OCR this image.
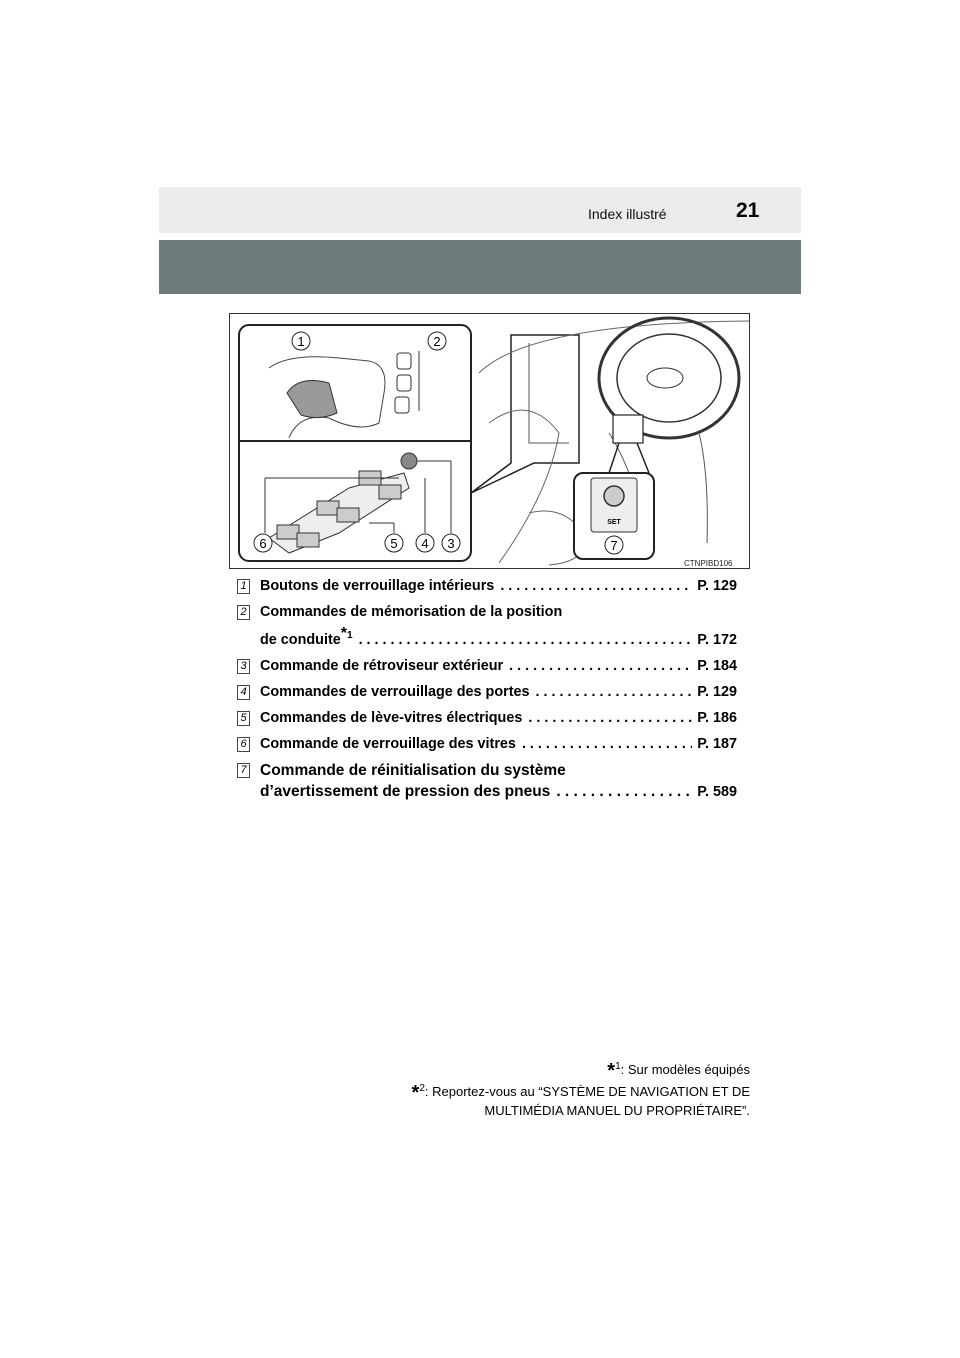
Index illustré	21
1	2
3
4
5
6
SET
7
CTNPIBD106
1 Boutons de verrouillage intérieurs . . .	P. 129
2 Commandes de mémorisation de la position
de conduite$^{*1}$ . . .	P. 172
3 Commande de rétroviseur extérieur . . .	P. 184
4 Commandes de verrouillage des portes . . .	P. 129
5 Commandes de lève-vitres électriques . . .	P. 186
6 Commande de verrouillage des vitres . . .	P. 187
7 Commande de réinitialisation du système
d’avertissement de pression des pneus . . .	P. 589
*$^1$: Sur modèles équipés
*$^2$: Reportez-vous au “SYSTÈME DE NAVIGATION ET DE
MULTIMÉDIA MANUEL DU PROPRIÉTAIRE”.
